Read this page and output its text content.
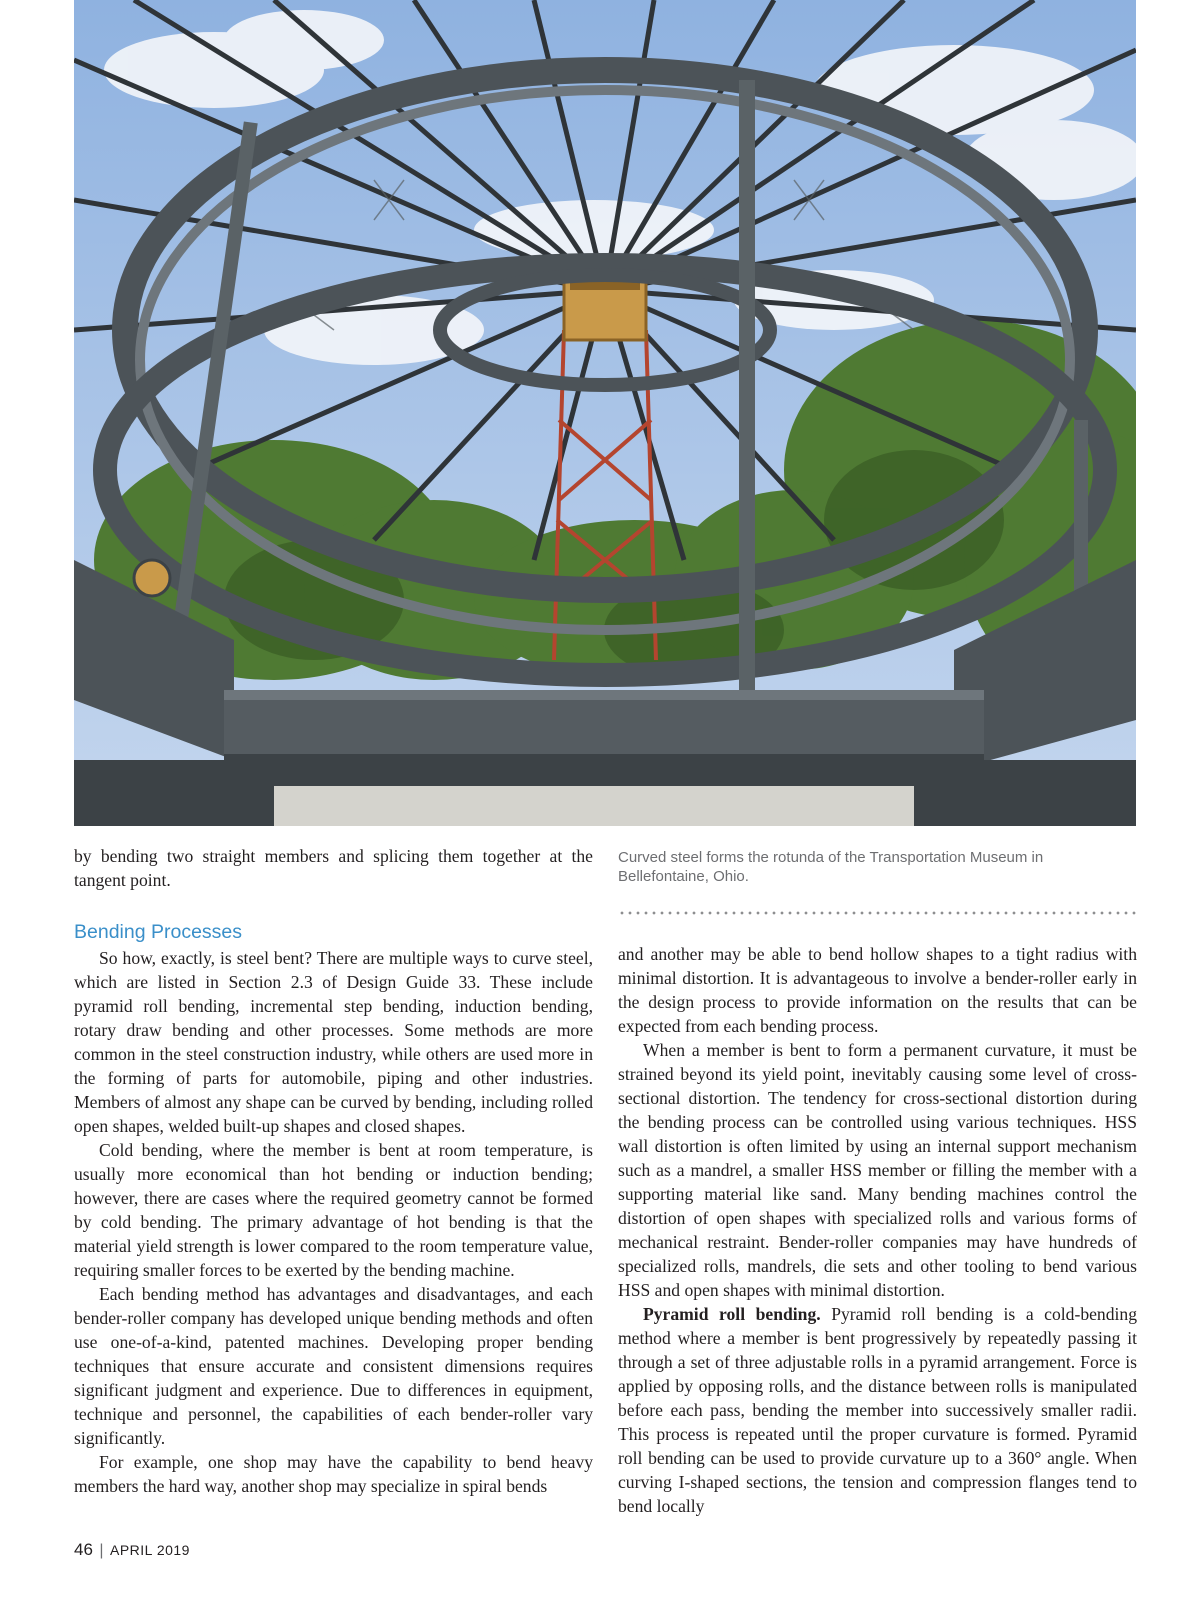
by bending two straight members and splicing them together at the tangent point.

Bending Processes

So how, exactly, is steel bent? There are multiple ways to curve steel, which are listed in Section 2.3 of Design Guide 33. These include pyramid roll bending, incremental step bending, induction bending, rotary draw bending and other processes. Some methods are more common in the steel construction industry, while others are used more in the forming of parts for automobile, piping and other industries. Members of almost any shape can be curved by bending, including rolled open shapes, welded built-up shapes and closed shapes.

Cold bending, where the member is bent at room temperature, is usually more economical than hot bending or induction bending; however, there are cases where the required geometry cannot be formed by cold bending. The primary advantage of hot bending is that the material yield strength is lower compared to the room temperature value, requiring smaller forces to be exerted by the bending machine.

Each bending method has advantages and disadvantages, and each bender-roller company has developed unique bending methods and often use one-of-a-kind, patented machines. Developing proper bending techniques that ensure accurate and consistent dimensions requires significant judgment and experience. Due to differences in equipment, technique and personnel, the capabilities of each bender-roller vary significantly.

For example, one shop may have the capability to bend heavy members the hard way, another shop may specialize in spiral bends

Curved steel forms the rotunda of the Transportation Museum in Bellefontaine, Ohio.

and another may be able to bend hollow shapes to a tight radius with minimal distortion. It is advantageous to involve a bender-roller early in the design process to provide information on the results that can be expected from each bending process.

When a member is bent to form a permanent curvature, it must be strained beyond its yield point, inevitably causing some level of cross-sectional distortion. The tendency for cross-sectional distortion during the bending process can be controlled using various techniques. HSS wall distortion is often limited by using an internal support mechanism such as a mandrel, a smaller HSS member or filling the member with a supporting material like sand. Many bending machines control the distortion of open shapes with specialized rolls and various forms of mechanical restraint. Bender-roller companies may have hundreds of specialized rolls, mandrels, die sets and other tooling to bend various HSS and open shapes with minimal distortion.

Pyramid roll bending. Pyramid roll bending is a cold-bending method where a member is bent progressively by repeatedly passing it through a set of three adjustable rolls in a pyramid arrangement. Force is applied by opposing rolls, and the distance between rolls is manipulated before each pass, bending the member into successively smaller radii. This process is repeated until the proper curvature is formed. Pyramid roll bending can be used to provide curvature up to a 360° angle. When curving I-shaped sections, the tension and compression flanges tend to bend locally

46 | APRIL 2019
